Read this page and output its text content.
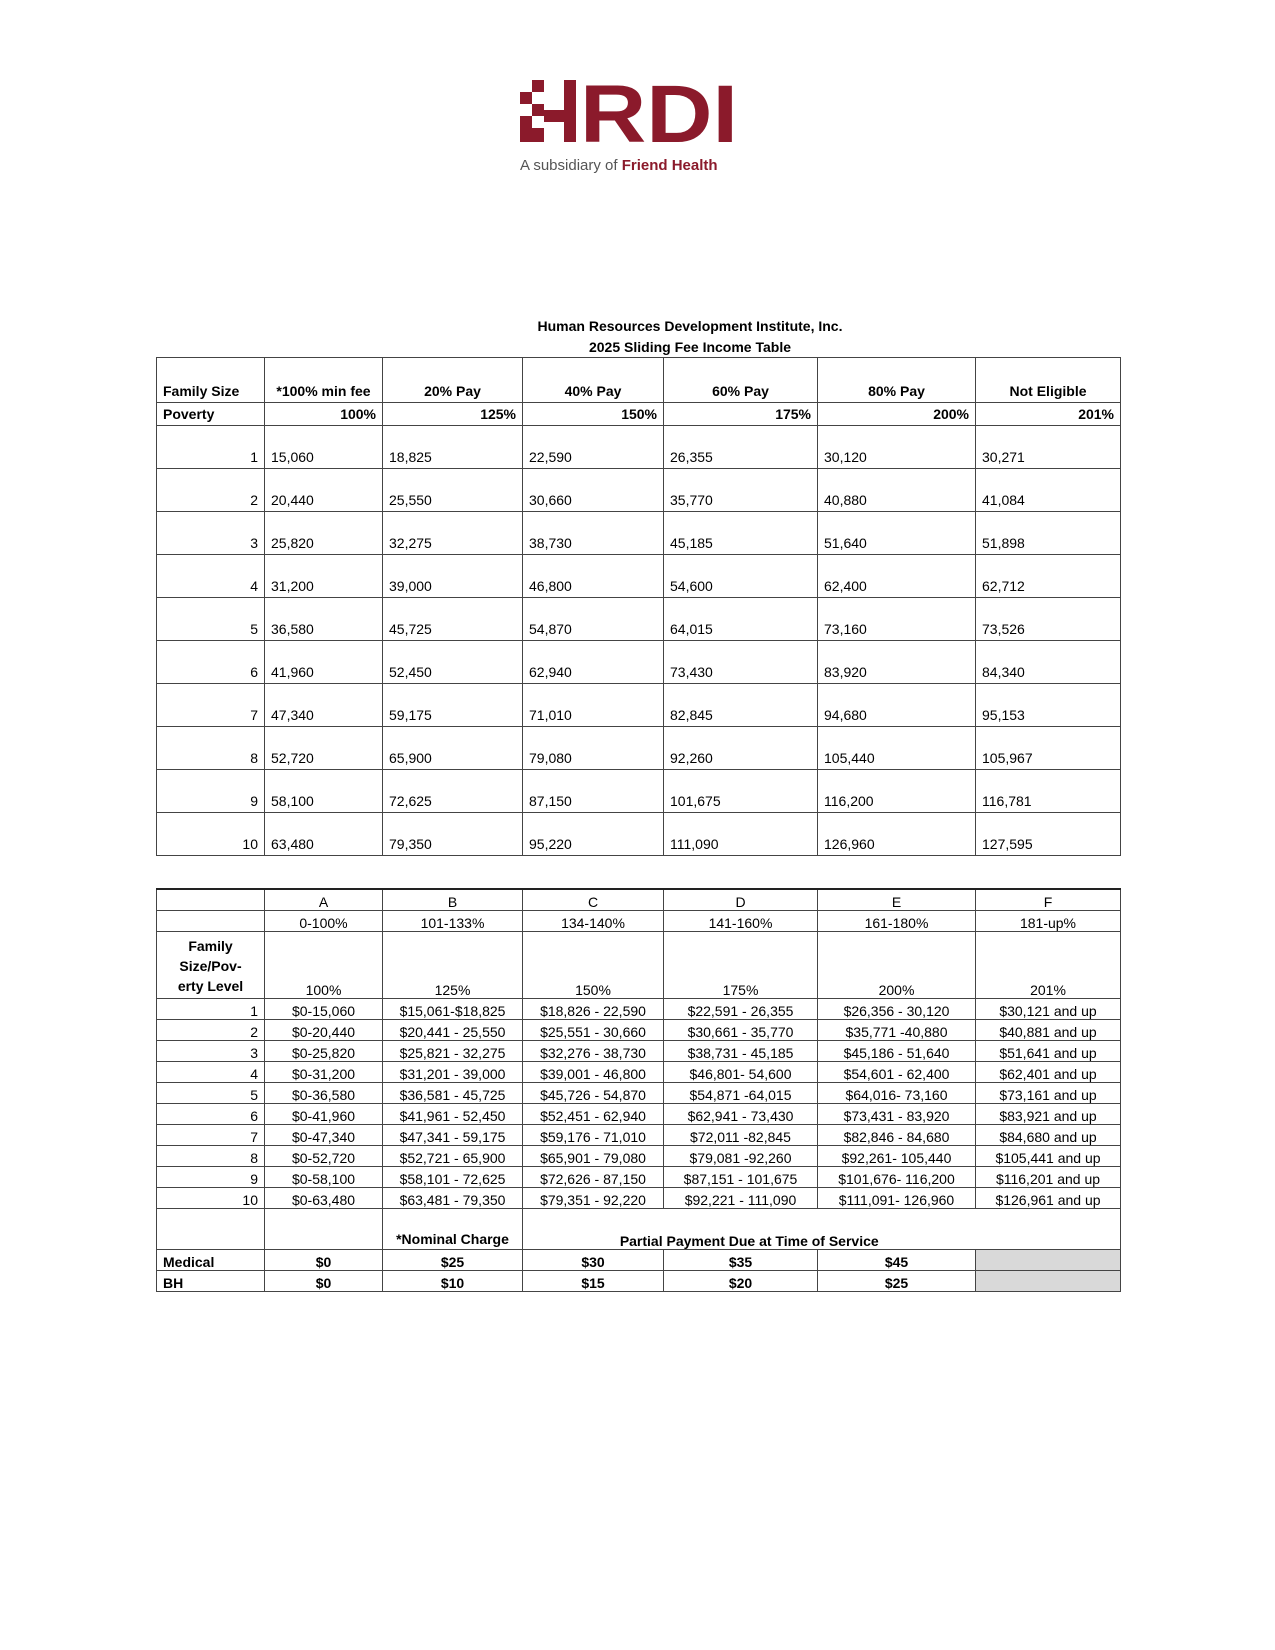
RDI
A subsidiary of Friend Health
Human Resources Development Institute, Inc.
2025 Sliding Fee Income Table
Family Size	*100% min fee	20% Pay	40% Pay	60% Pay	80% Pay	Not Eligible
Poverty	100%	125%	150%	175%	200%	201%
1	15,060	18,825	22,590	26,355	30,120	30,271
2	20,440	25,550	30,660	35,770	40,880	41,084
3	25,820	32,275	38,730	45,185	51,640	51,898
4	31,200	39,000	46,800	54,600	62,400	62,712
5	36,580	45,725	54,870	64,015	73,160	73,526
6	41,960	52,450	62,940	73,430	83,920	84,340
7	47,340	59,175	71,010	82,845	94,680	95,153
8	52,720	65,900	79,080	92,260	105,440	105,967
9	58,100	72,625	87,150	101,675	116,200	116,781
10	63,480	79,350	95,220	111,090	126,960	127,595
	A	B	C	D	E	F
	0-100%	101-133%	134-140%	141-160%	161-180%	181-up%
Family Size/Pov-erty Level	100%	125%	150%	175%	200%	201%
1	$0-15,060	$15,061-$18,825	$18,826 - 22,590	$22,591 - 26,355	$26,356 - 30,120	$30,121 and up
2	$0-20,440	$20,441 - 25,550	$25,551 - 30,660	$30,661 - 35,770	$35,771 -40,880	$40,881 and up
3	$0-25,820	$25,821 - 32,275	$32,276 - 38,730	$38,731 - 45,185	$45,186 - 51,640	$51,641 and up
4	$0-31,200	$31,201 - 39,000	$39,001 - 46,800	$46,801- 54,600	$54,601 - 62,400	$62,401 and up
5	$0-36,580	$36,581 - 45,725	$45,726 - 54,870	$54,871 -64,015	$64,016- 73,160	$73,161 and up
6	$0-41,960	$41,961 - 52,450	$52,451 - 62,940	$62,941 - 73,430	$73,431 - 83,920	$83,921 and up
7	$0-47,340	$47,341 - 59,175	$59,176 - 71,010	$72,011 -82,845	$82,846 - 84,680	$84,680 and up
8	$0-52,720	$52,721 - 65,900	$65,901 - 79,080	$79,081 -92,260	$92,261- 105,440	$105,441 and up
9	$0-58,100	$58,101 - 72,625	$72,626 - 87,150	$87,151 - 101,675	$101,676- 116,200	$116,201 and up
10	$0-63,480	$63,481 - 79,350	$79,351 - 92,220	$92,221 - 111,090	$111,091- 126,960	$126,961 and up
		*Nominal Charge	Partial Payment Due at Time of Service			
Medical	$0	$25	$30	$35	$45	
BH	$0	$10	$15	$20	$25	
